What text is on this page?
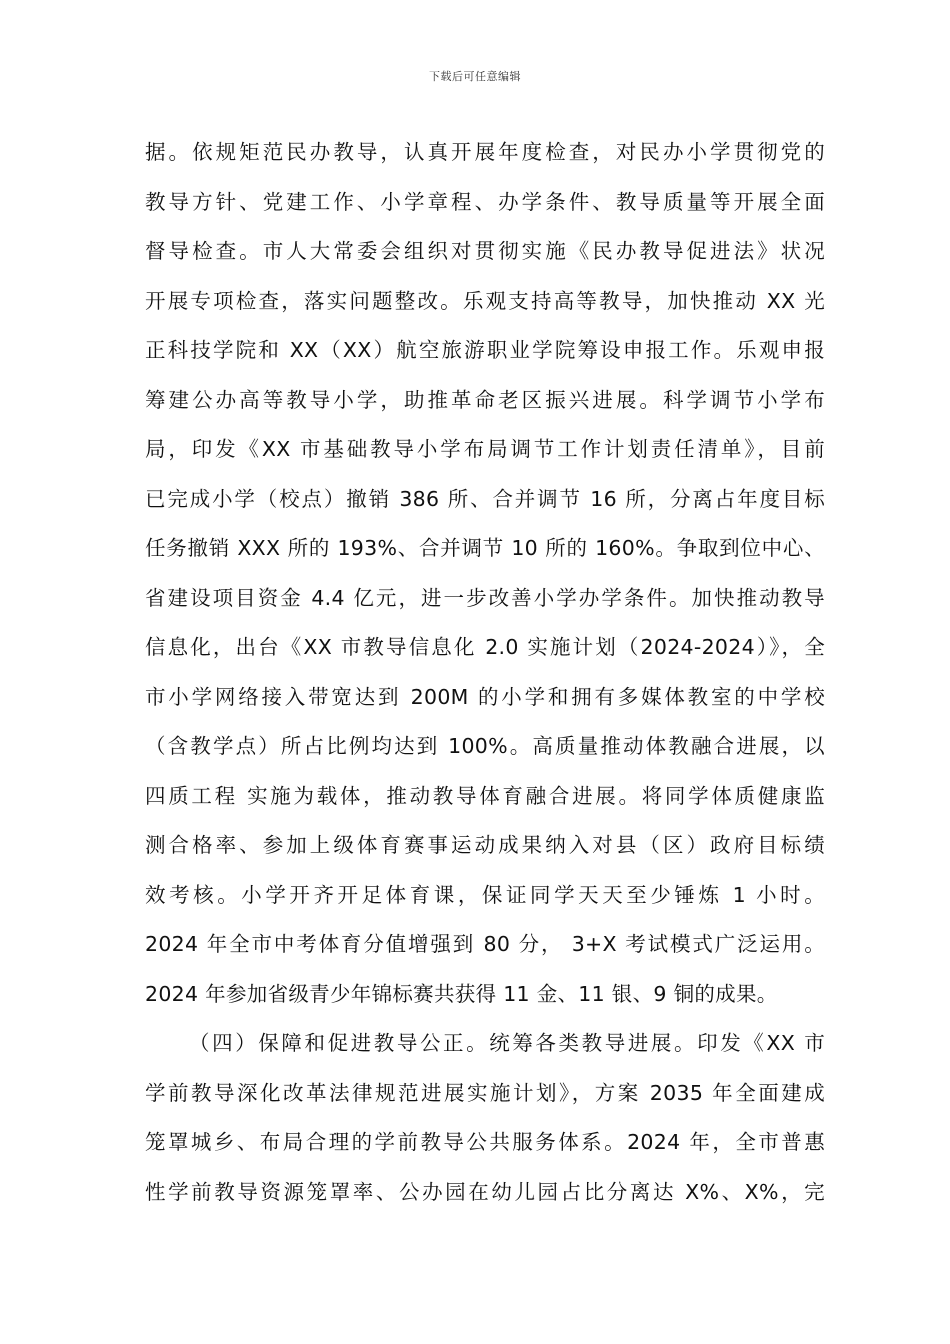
下载后可任意编辑
据。依规矩范民办教导，认真开展年度检查，对民办小学贯彻党的
教导方针、党建工作、小学章程、办学条件、教导质量等开展全面
督导检查。市人大常委会组织对贯彻实施《民办教导促进法》状况
开展专项检查，落实问题整改。乐观支持高等教导，加快推动 XX 光
正科技学院和 XX（XX）航空旅游职业学院筹设申报工作。乐观申报
筹建公办高等教导小学，助推革命老区振兴进展。科学调节小学布
局，印发《XX 市基础教导小学布局调节工作计划责任清单》，目前
已完成小学（校点）撤销 386 所、合并调节 16 所，分离占年度目标
任务撤销 XXX 所的 193%、合并调节 10 所的 160%。争取到位中心、
省建设项目资金 4.4 亿元，进一步改善小学办学条件。加快推动教导
信息化，出台《XX 市教导信息化 2.0 实施计划（2024-2024）》，全
市小学网络接入带宽达到 200M 的小学和拥有多媒体教室的中学校
（含教学点）所占比例均达到 100%。高质量推动体教融合进展，以
四质工程 实施为载体，推动教导体育融合进展。将同学体质健康监
测合格率、参加上级体育赛事运动成果纳入对县（区）政府目标绩
效考核。小学开齐开足体育课，保证同学天天至少锤炼 1 小时。
2024 年全市中考体育分值增强到 80 分， 3+X 考试模式广泛运用。
2024 年参加省级青少年锦标赛共获得 11 金、11 银、9 铜的成果。
（四）保障和促进教导公正。统筹各类教导进展。印发《XX 市
学前教导深化改革法律规范进展实施计划》，方案 2035 年全面建成
笼罩城乡、布局合理的学前教导公共服务体系。2024 年，全市普惠
性学前教导资源笼罩率、公办园在幼儿园占比分离达 X%、X%，完
